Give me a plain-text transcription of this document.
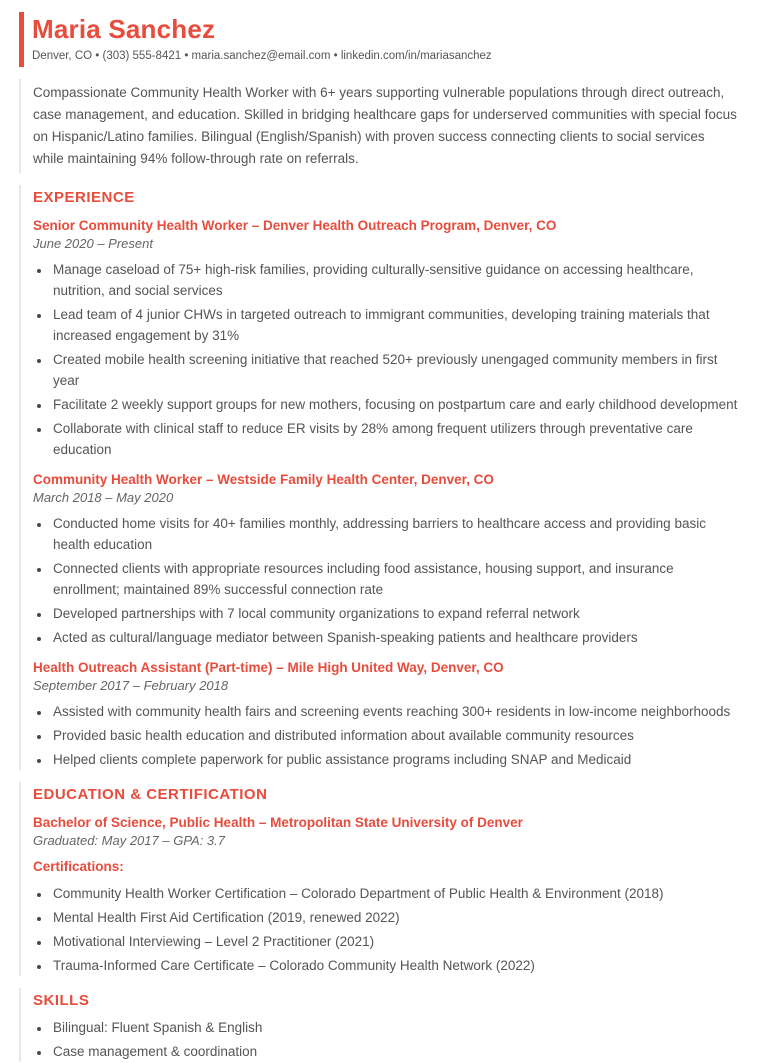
Maria Sanchez
Denver, CO • (303) 555-8421 • maria.sanchez@email.com • linkedin.com/in/mariasanchez

Compassionate Community Health Worker with 6+ years supporting vulnerable populations through direct outreach, case management, and education. Skilled in bridging healthcare gaps for underserved communities with special focus on Hispanic/Latino families. Bilingual (English/Spanish) with proven success connecting clients to social services while maintaining 94% follow-through rate on referrals.

EXPERIENCE
Senior Community Health Worker – Denver Health Outreach Program, Denver, CO
June 2020 – Present
• Manage caseload of 75+ high-risk families, providing culturally-sensitive guidance on accessing healthcare, nutrition, and social services
• Lead team of 4 junior CHWs in targeted outreach to immigrant communities, developing training materials that increased engagement by 31%
• Created mobile health screening initiative that reached 520+ previously unengaged community members in first year
• Facilitate 2 weekly support groups for new mothers, focusing on postpartum care and early childhood development
• Collaborate with clinical staff to reduce ER visits by 28% among frequent utilizers through preventative care education
Community Health Worker – Westside Family Health Center, Denver, CO
March 2018 – May 2020
• Conducted home visits for 40+ families monthly, addressing barriers to healthcare access and providing basic health education
• Connected clients with appropriate resources including food assistance, housing support, and insurance enrollment; maintained 89% successful connection rate
• Developed partnerships with 7 local community organizations to expand referral network
• Acted as cultural/language mediator between Spanish-speaking patients and healthcare providers
Health Outreach Assistant (Part-time) – Mile High United Way, Denver, CO
September 2017 – February 2018
• Assisted with community health fairs and screening events reaching 300+ residents in low-income neighborhoods
• Provided basic health education and distributed information about available community resources
• Helped clients complete paperwork for public assistance programs including SNAP and Medicaid
EDUCATION & CERTIFICATION
Bachelor of Science, Public Health – Metropolitan State University of Denver
Graduated: May 2017 – GPA: 3.7
Certifications:
• Community Health Worker Certification – Colorado Department of Public Health & Environment (2018)
• Mental Health First Aid Certification (2019, renewed 2022)
• Motivational Interviewing – Level 2 Practitioner (2021)
• Trauma-Informed Care Certificate – Colorado Community Health Network (2022)
SKILLS
• Bilingual: Fluent Spanish & English
• Case management & coordination
